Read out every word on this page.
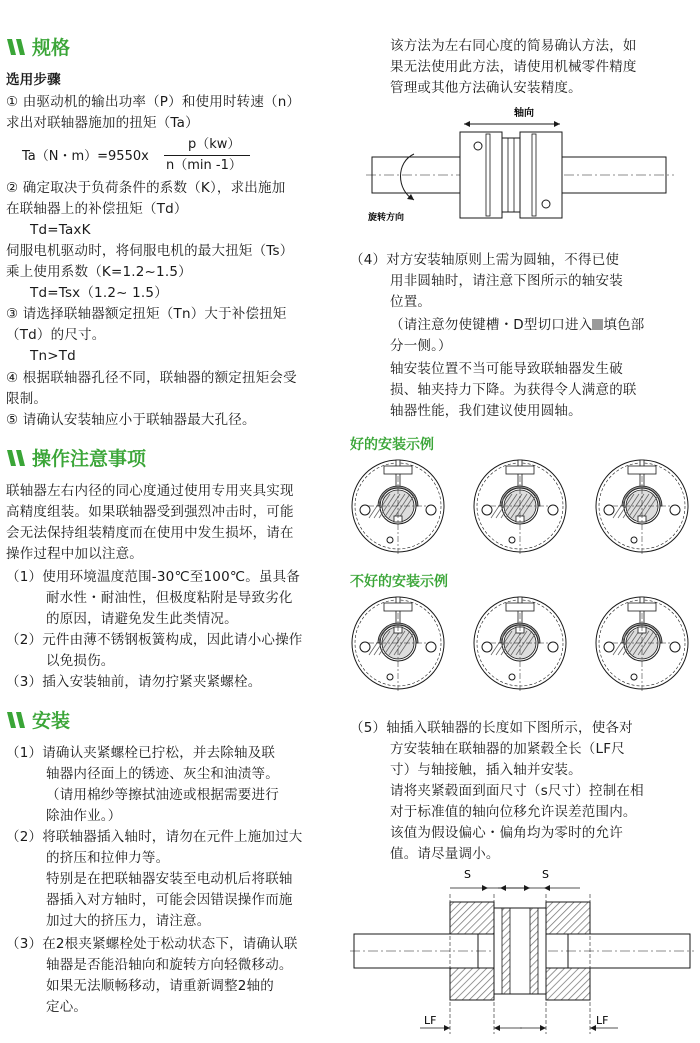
规格
选用步骤
① 由驱动机的输出功率（P）和使用时转速（n）
求出对联轴器施加的扭矩（Ta）
Ta（N・m）=9550x
p（kw）
n（min -1）
② 确定取决于负荷条件的系数（K），求出施加
在联轴器上的补偿扭矩（Td）
Td=TaxK
伺服电机驱动时，将伺服电机的最大扭矩（Ts）
乘上使用系数（K=1.2~1.5）
Td=Tsx（1.2~ 1.5）
③ 请选择联轴器额定扭矩（Tn）大于补偿扭矩
（Td）的尺寸。
Tn>Td
④ 根据联轴器孔径不同，联轴器的额定扭矩会受
限制。
⑤ 请确认安装轴应小于联轴器最大孔径。
操作注意事项
联轴器左右内径的同心度通过使用专用夹具实现
高精度组装。如果联轴器受到强烈冲击时，可能
会无法保持组装精度而在使用中发生损坏，请在
操作过程中加以注意。
（1）使用环境温度范围-30℃至100℃。虽具备
耐水性・耐油性，但极度粘附是导致劣化
的原因，请避免发生此类情况。
（2）元件由薄不锈钢板簧构成，因此请小心操作
以免损伤。
（3）插入安装轴前，请勿拧紧夹紧螺栓。
安装
（1）请确认夹紧螺栓已拧松，并去除轴及联
轴器内径面上的锈迹、灰尘和油渍等。
（请用棉纱等擦拭油迹或根据需要进行
除油作业。）
（2）将联轴器插入轴时，请勿在元件上施加过大
的挤压和拉伸力等。
特别是在把联轴器安装至电动机后将联轴
器插入对方轴时，可能会因错误操作而施
加过大的挤压力，请注意。
（3）在2根夹紧螺栓处于松动状态下，请确认联
轴器是否能沿轴向和旋转方向轻微移动。
如果无法顺畅移动，请重新调整2轴的
定心。
该方法为左右同心度的简易确认方法，如
果无法使用此方法，请使用机械零件精度
管理或其他方法确认安装精度。
轴向
旋转方向
（4）对方安装轴原则上需为圆轴，不得已使
用非圆轴时，请注意下图所示的轴安装
位置。
（请注意勿使键槽・D型切口进入 填色部
分一侧。）
轴安装位置不当可能导致联轴器发生破
损、轴夹持力下降。为获得令人满意的联
轴器性能，我们建议使用圆轴。
好的安装示例
不好的安装示例
（5）轴插入联轴器的长度如下图所示，使各对
方安装轴在联轴器的加紧毂全长（LF尺
寸）与轴接触，插入轴并安装。
请将夹紧毂面到面尺寸（s尺寸）控制在相
对于标准值的轴向位移允许误差范围内。
该值为假设偏心・偏角均为零时的允许
值。请尽量调小。
S	S
LF	LF
